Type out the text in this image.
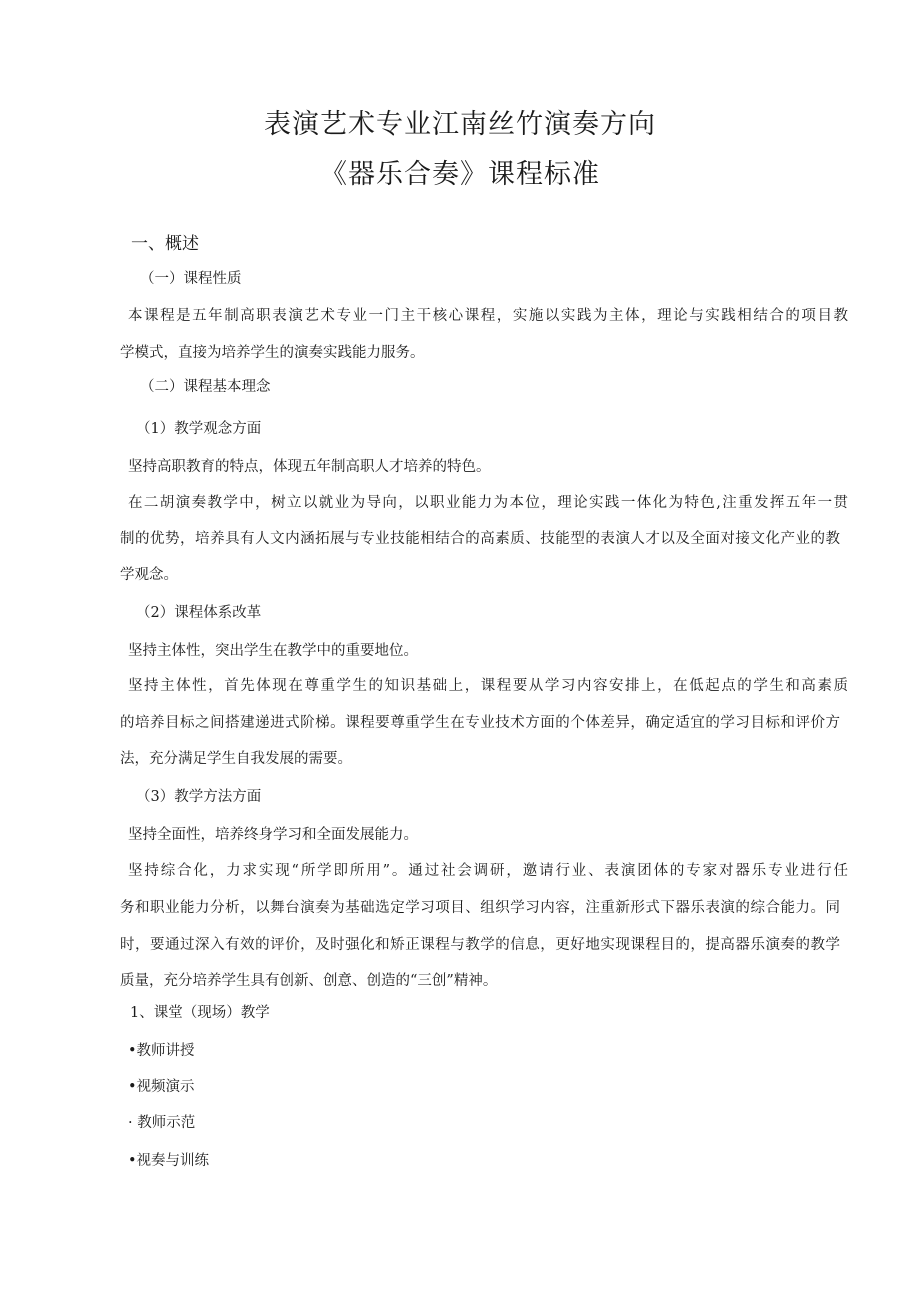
表演艺术专业江南丝竹演奏方向

《器乐合奏》课程标准

一、概述

（一）课程性质

本课程是五年制高职表演艺术专业一门主干核心课程，实施以实践为主体，理论与实践相结合的项目教

学模式，直接为培养学生的演奏实践能力服务。

（二）课程基本理念

（1）教学观念方面

坚持高职教育的特点，体现五年制高职人才培养的特色。

在二胡演奏教学中，树立以就业为导向，以职业能力为本位，理论实践一体化为特色,注重发挥五年一贯

制的优势，培养具有人文内涵拓展与专业技能相结合的高素质、技能型的表演人才以及全面对接文化产业的教

学观念。

（2）课程体系改革

坚持主体性，突出学生在教学中的重要地位。

坚持主体性，首先体现在尊重学生的知识基础上，课程要从学习内容安排上，在低起点的学生和高素质

的培养目标之间搭建递进式阶梯。课程要尊重学生在专业技术方面的个体差异，确定适宜的学习目标和评价方

法，充分满足学生自我发展的需要。

（3）教学方法方面

坚持全面性，培养终身学习和全面发展能力。

坚持综合化，力求实现“所学即所用”。通过社会调研，邀请行业、表演团体的专家对器乐专业进行任

务和职业能力分析，以舞台演奏为基础选定学习项目、组织学习内容，注重新形式下器乐表演的综合能力。同

时，要通过深入有效的评价，及时强化和矫正课程与教学的信息，更好地实现课程目的，提高器乐演奏的教学

质量，充分培养学生具有创新、创意、创造的“三创”精神。

1、课堂（现场）教学

•教师讲授

•视频演示

· 教师示范

•视奏与训练
